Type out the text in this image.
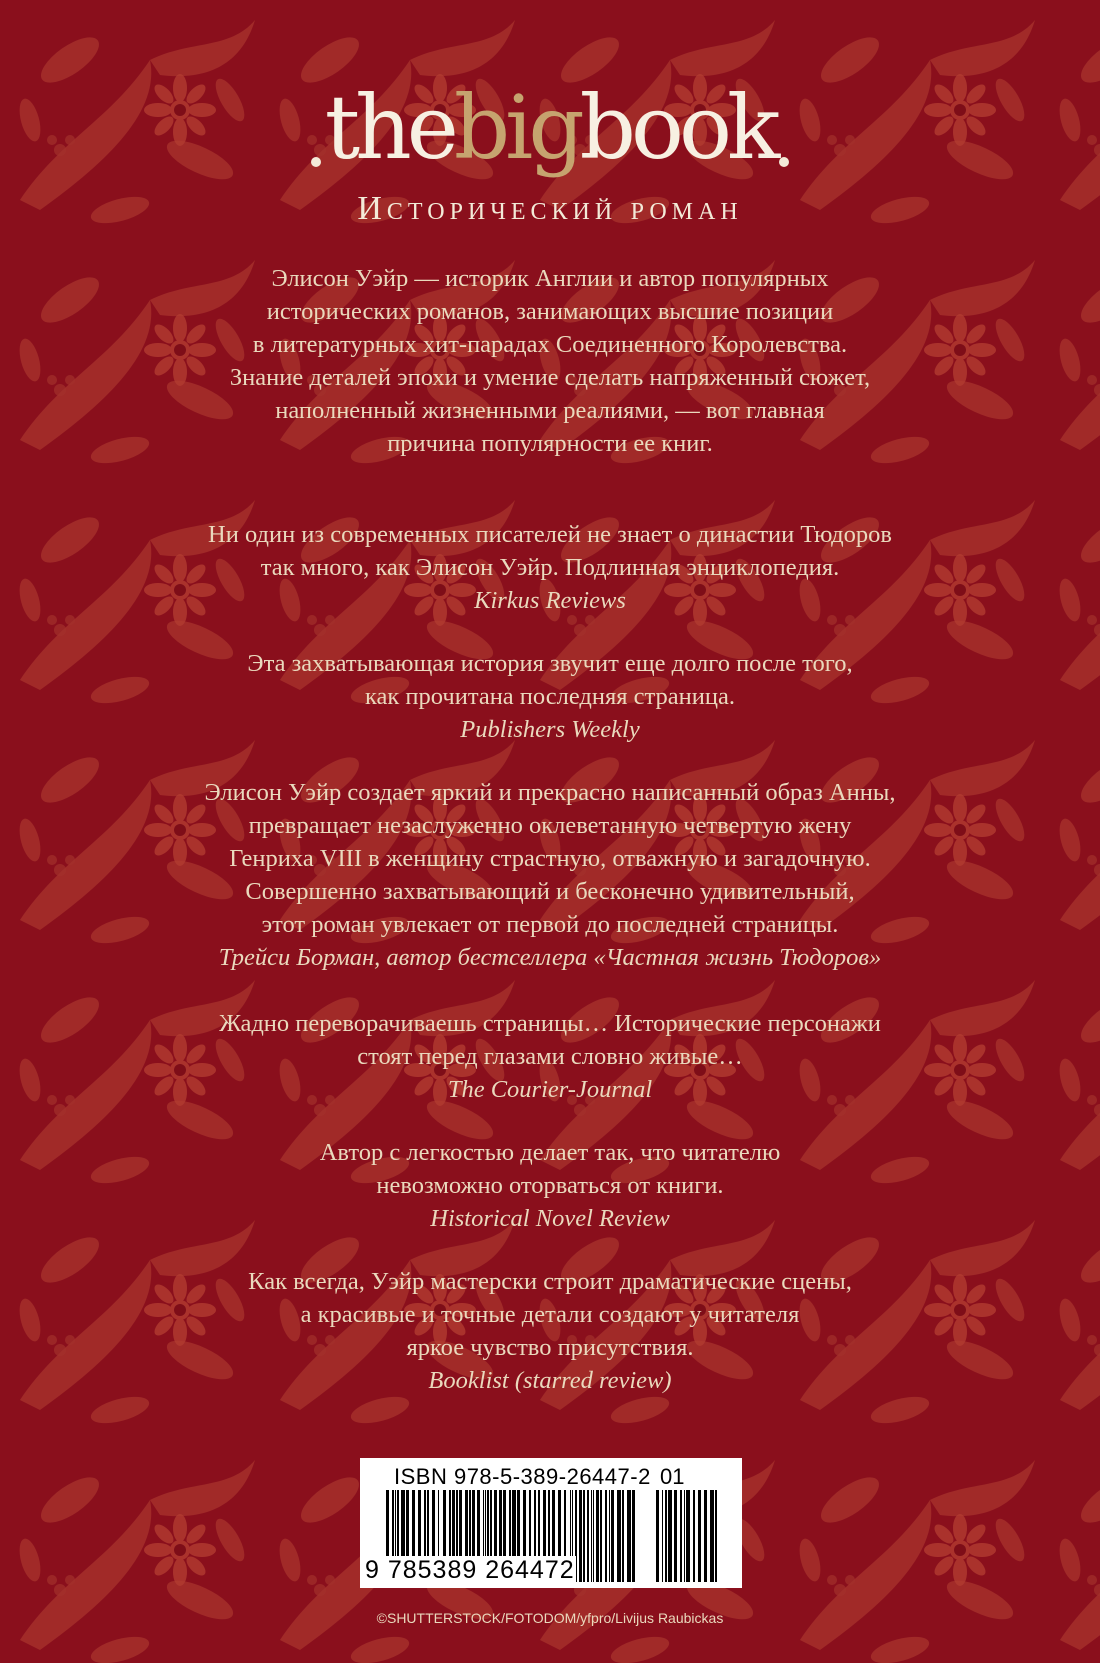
thebigbook
Исторический роман
Элисон Уэйр — историк Англии и автор популярных
исторических романов, занимающих высшие позиции
в литературных хит-парадах Соединенного Королевства.
Знание деталей эпохи и умение сделать напряженный сюжет,
наполненный жизненными реалиями, — вот главная
причина популярности ее книг.
Ни один из современных писателей не знает о династии Тюдоров
так много, как Элисон Уэйр. Подлинная энциклопедия.
Kirkus Reviews
Эта захватывающая история звучит еще долго после того,
как прочитана последняя страница.
Publishers Weekly
Элисон Уэйр создает яркий и прекрасно написанный образ Анны,
превращает незаслуженно оклеветанную четвертую жену
Генриха VIII в женщину страстную, отважную и загадочную.
Совершенно захватывающий и бесконечно удивительный,
этот роман увлекает от первой до последней страницы.
Трейси Борман, автор бестселлера «Частная жизнь Тюдоров»
Жадно переворачиваешь страницы… Исторические персонажи
стоят перед глазами словно живые…
The Courier-Journal
Автор с легкостью делает так, что читателю
невозможно оторваться от книги.
Historical Novel Review
Как всегда, Уэйр мастерски строит драматические сцены,
а красивые и точные детали создают у читателя
яркое чувство присутствия.
Booklist (starred review)
ISBN 978-5-389-26447-2 01
9 785389 264472
©SHUTTERSTOCK/FOTODOM/yfpro/Livijus Raubickas
